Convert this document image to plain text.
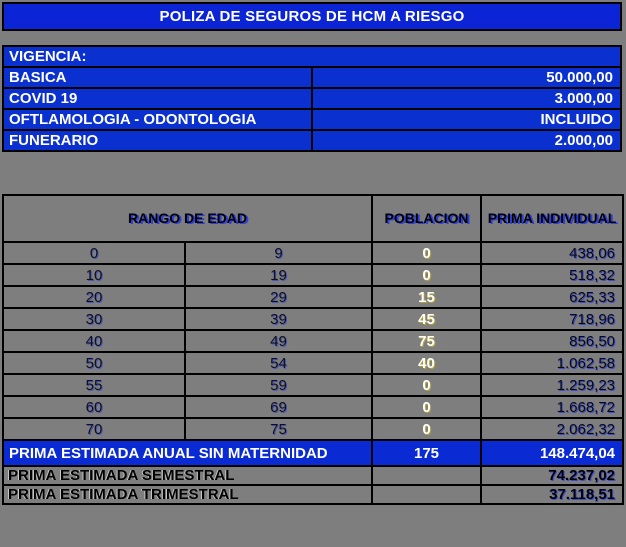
POLIZA DE SEGUROS DE HCM A RIESGO
VIGENCIA:	
BASICA	50.000,00
COVID 19	3.000,00
OFTLAMOLOGIA - ODONTOLOGIA	INCLUIDO
FUNERARIO	2.000,00
RANGO DE EDAD		POBLACION	PRIMA INDIVIDUAL

0	9	0	438,06
10	19	0	518,32
20	29	15	625,33
30	39	45	718,96
40	49	75	856,50
50	54	40	1.062,58
55	59	0	1.259,23
60	69	0	1.668,72
70	75	0	2.062,32
PRIMA ESTIMADA ANUAL SIN MATERNIDAD		175	148.474,04
PRIMA ESTIMADA SEMESTRAL			74.237,02
PRIMA ESTIMADA TRIMESTRAL			37.118,51
